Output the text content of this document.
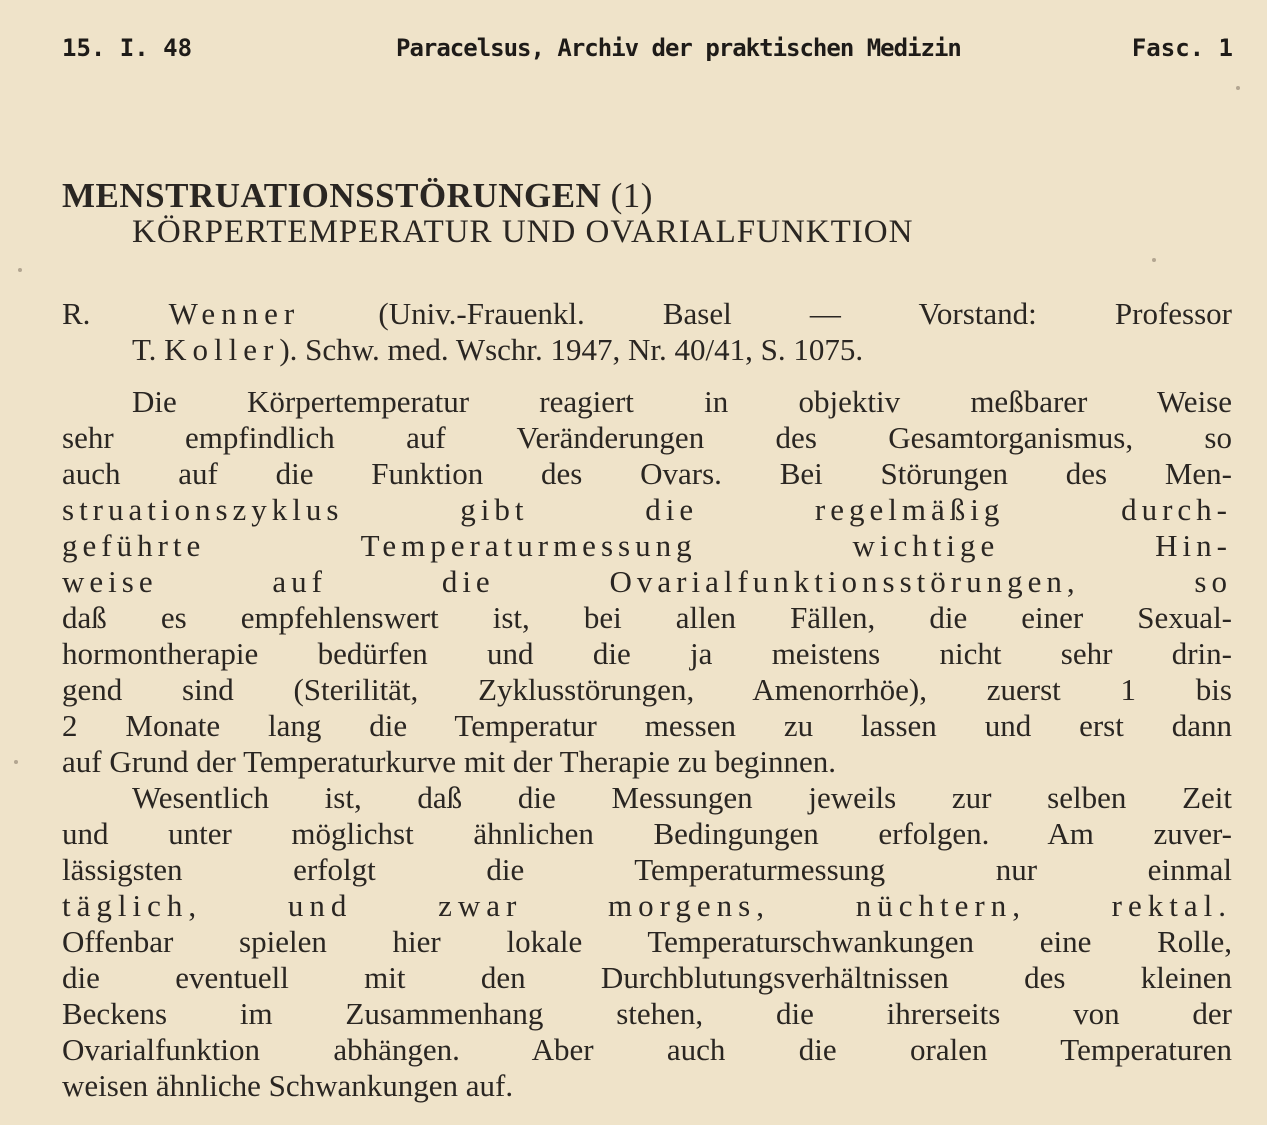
15. I. 48	Paracelsus, Archiv der praktischen Medizin	Fasc. 1
MENSTRUATIONSSTÖRUNGEN (1)
KÖRPERTEMPERATUR UND OVARIALFUNKTION
R.	Wenner	(Univ.-Frauenkl. Basel — Vorstand: Professor
T. Koller). Schw. med. Wschr. 1947, Nr. 40/41, S. 1075.
Die Körpertemperatur reagiert in objektiv meßbarer Weise
sehr empfindlich auf Veränderungen des Gesamtorganismus, so
auch auf die Funktion des Ovars. Bei Störungen des Men-
struationszyklus gibt die regelmäßig durch-
geführte Temperaturmessung wichtige Hin-
weise auf die Ovarialfunktionsstörungen, so
daß es empfehlenswert ist, bei allen Fällen, die einer Sexual-
hormontherapie bedürfen und die ja meistens nicht sehr drin-
gend sind (Sterilität, Zyklusstörungen, Amenorrhöe), zuerst 1 bis
2 Monate lang die Temperatur messen zu lassen und erst dann
auf Grund der Temperaturkurve mit der Therapie zu beginnen.
Wesentlich ist, daß die Messungen jeweils zur selben Zeit
und unter möglichst ähnlichen Bedingungen erfolgen. Am zuver-
lässigsten erfolgt die Temperaturmessung nur einmal
täglich, und zwar morgens, nüchtern, rektal.
Offenbar spielen hier lokale Temperaturschwankungen eine Rolle,
die eventuell mit den Durchblutungsverhältnissen des kleinen
Beckens im Zusammenhang stehen, die ihrerseits von der
Ovarialfunktion abhängen. Aber auch die oralen Temperaturen
weisen ähnliche Schwankungen auf.
